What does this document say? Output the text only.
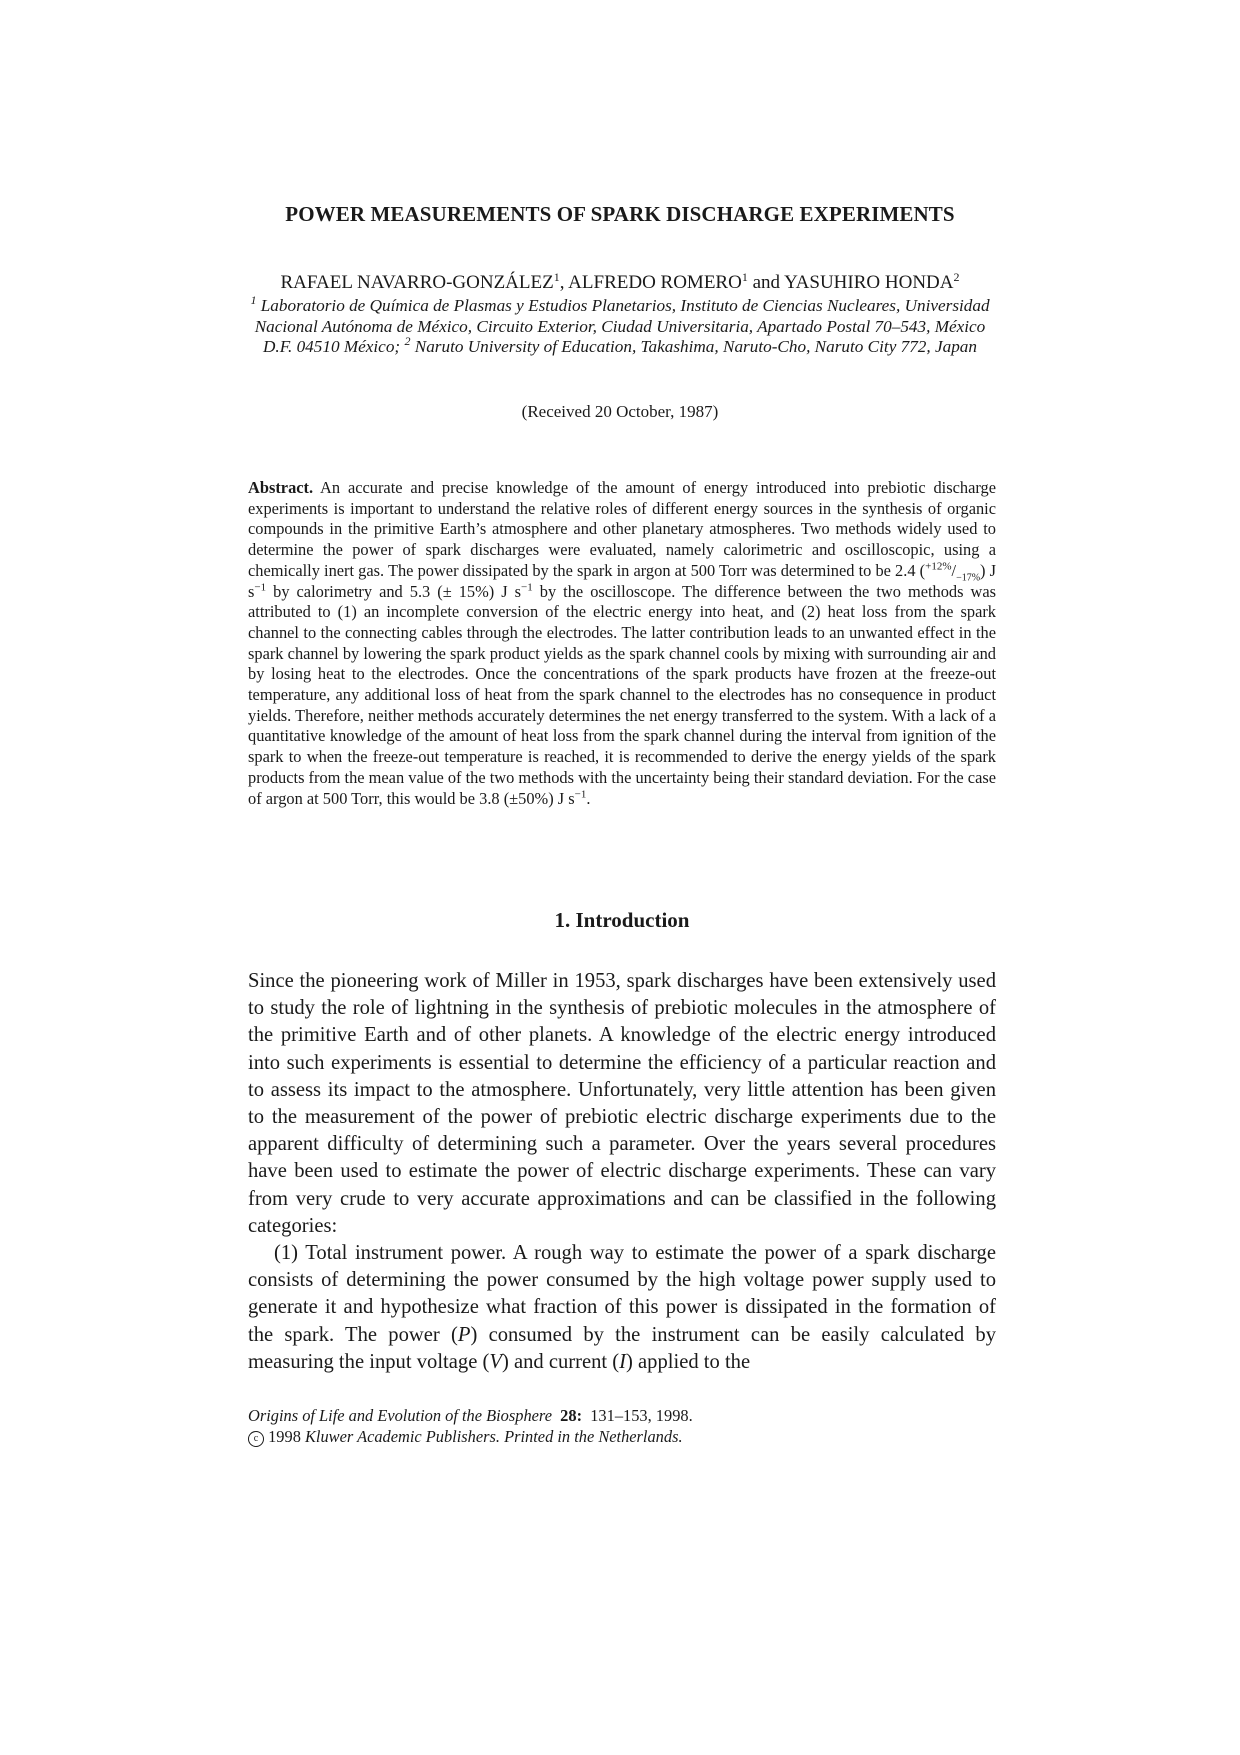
POWER MEASUREMENTS OF SPARK DISCHARGE EXPERIMENTS
RAFAEL NAVARRO-GONZÁLEZ$^1$, ALFREDO ROMERO$^1$ and YASUHIRO HONDA$^2$
$^1$ Laboratorio de Química de Plasmas y Estudios Planetarios, Instituto de Ciencias Nucleares, Universidad Nacional Autónoma de México, Circuito Exterior, Ciudad Universitaria, Apartado Postal 70–543, México D.F. 04510 México; $^2$ Naruto University of Education, Takashima, Naruto-Cho, Naruto City 772, Japan
(Received 20 October, 1987)
Abstract. An accurate and precise knowledge of the amount of energy introduced into prebiotic discharge experiments is important to understand the relative roles of different energy sources in the synthesis of organic compounds in the primitive Earth’s atmosphere and other planetary atmospheres. Two methods widely used to determine the power of spark discharges were evaluated, namely calorimetric and oscilloscopic, using a chemically inert gas. The power dissipated by the spark in argon at 500 Torr was determined to be 2.4 $(^{+12\%}/_{-17\%})$ J $s^{-1}$ by calorimetry and 5.3 (± 15%) J $s^{-1}$ by the oscilloscope. The difference between the two methods was attributed to (1) an incomplete conversion of the electric energy into heat, and (2) heat loss from the spark channel to the connecting cables through the electrodes. The latter contribution leads to an unwanted effect in the spark channel by lowering the spark product yields as the spark channel cools by mixing with surrounding air and by losing heat to the electrodes. Once the concentrations of the spark products have frozen at the freeze-out temperature, any additional loss of heat from the spark channel to the electrodes has no consequence in product yields. Therefore, neither methods accurately determines the net energy transferred to the system. With a lack of a quantitative knowledge of the amount of heat loss from the spark channel during the interval from ignition of the spark to when the freeze-out temperature is reached, it is recommended to derive the energy yields of the spark products from the mean value of the two methods with the uncertainty being their standard deviation. For the case of argon at 500 Torr, this would be 3.8 (±50%) J $s^{-1}$.
1. Introduction

Since the pioneering work of Miller in 1953, spark discharges have been extensively used to study the role of lightning in the synthesis of prebiotic molecules in the atmosphere of the primitive Earth and of other planets. A knowledge of the electric energy introduced into such experiments is essential to determine the efficiency of a particular reaction and to assess its impact to the atmosphere. Unfortunately, very little attention has been given to the measurement of the power of prebiotic electric discharge experiments due to the apparent difficulty of determining such a parameter. Over the years several procedures have been used to estimate the power of electric discharge experiments. These can vary from very crude to very accurate approximations and can be classified in the following categories:

(1) Total instrument power. A rough way to estimate the power of a spark discharge consists of determining the power consumed by the high voltage power supply used to generate it and hypothesize what fraction of this power is dissipated in the formation of the spark. The power (P) consumed by the instrument can be easily calculated by measuring the input voltage (V) and current (I) applied to the

Origins of Life and Evolution of the Biosphere 28: 131–153, 1998.
c 1998 Kluwer Academic Publishers. Printed in the Netherlands.
